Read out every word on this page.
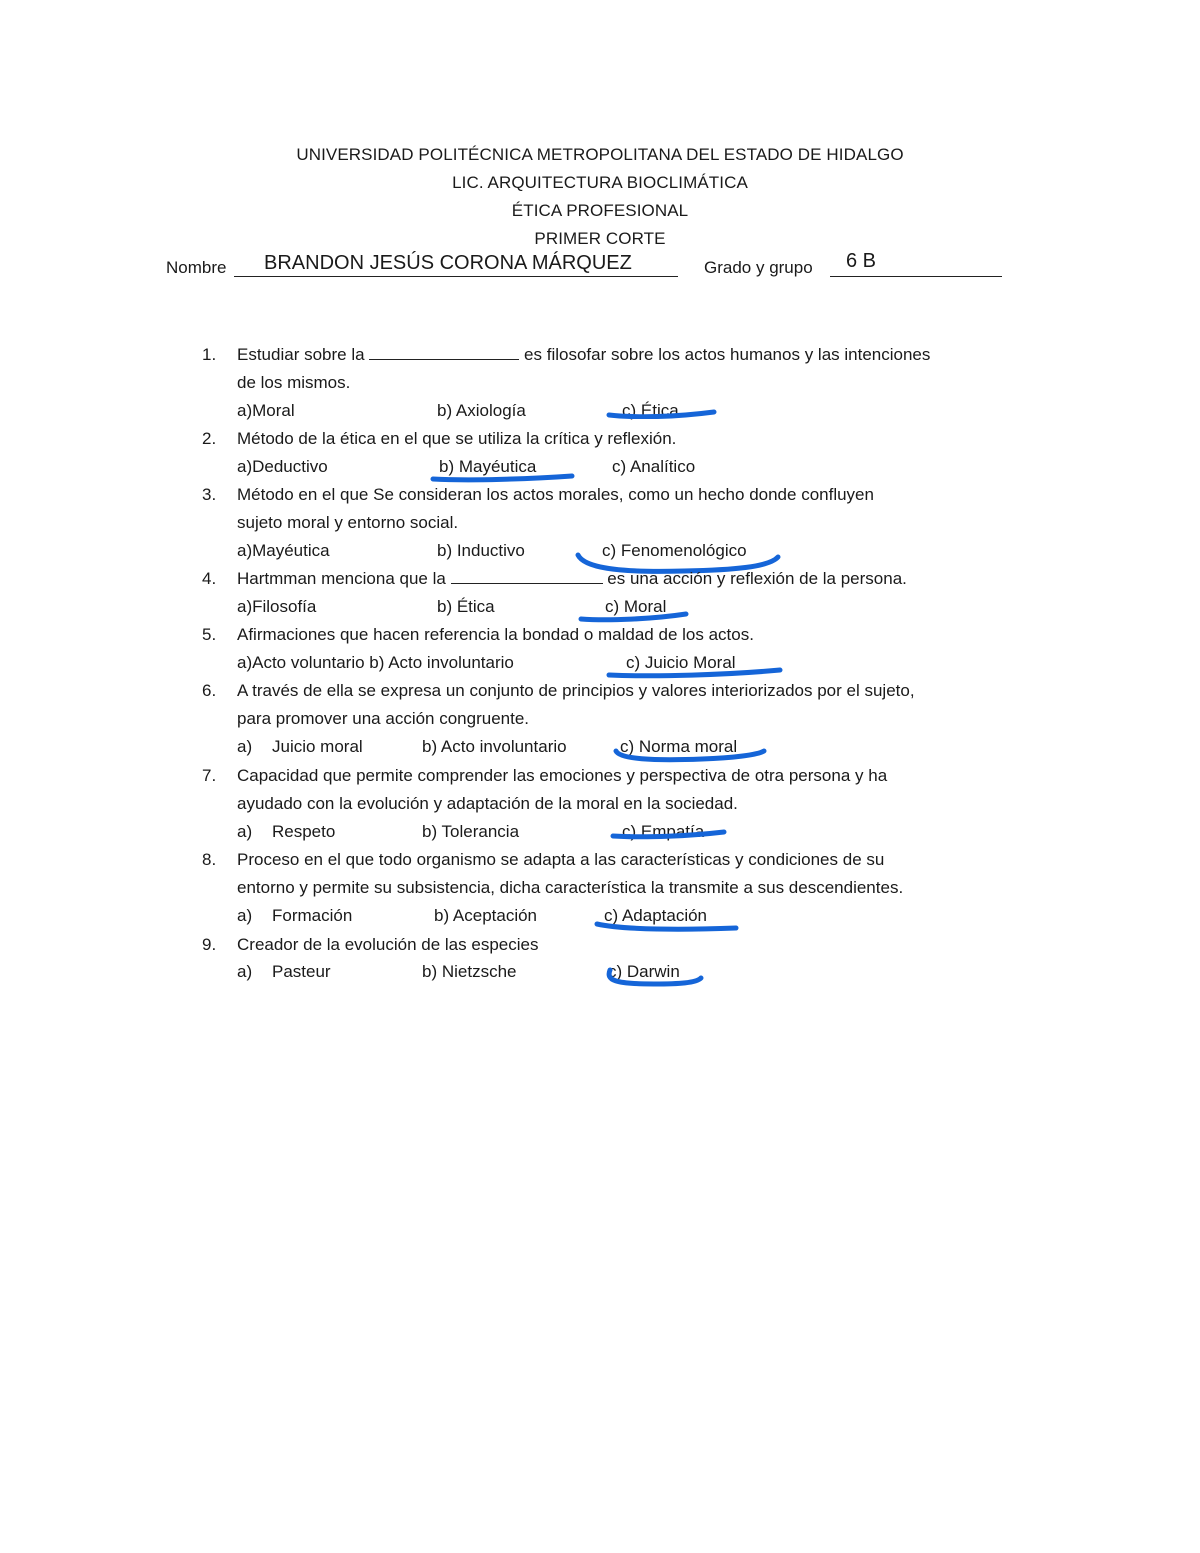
UNIVERSIDAD POLITÉCNICA METROPOLITANA DEL ESTADO DE HIDALGO
LIC. ARQUITECTURA BIOCLIMÁTICA
ÉTICA PROFESIONAL
PRIMER CORTE
Nombre BRANDON JESÚS CORONA MÁRQUEZ	Grado y grupo 6 B
1. Estudiar sobre la	es filosofar sobre los actos humanos y las intenciones
de los mismos.
a)Moral	b) Axiología	c) Ética
2. Método de la ética en el que se utiliza la crítica y reflexión.
a)Deductivo	b) Mayéutica	c) Analítico
3. Método en el que Se consideran los actos morales, como un hecho donde confluyen
sujeto moral y entorno social.
a)Mayéutica	b) Inductivo	c) Fenomenológico
4. Hartmman menciona que la	es una acción y reflexión de la persona.
a)Filosofía	b) Ética	c) Moral
5. Afirmaciones que hacen referencia la bondad o maldad de los actos.
a)Acto voluntario b) Acto involuntario	c) Juicio Moral
6. A través de ella se expresa un conjunto de principios y valores interiorizados por el sujeto,
para promover una acción congruente.
a) Juicio moral	b) Acto involuntario	c) Norma moral
7. Capacidad que permite comprender las emociones y perspectiva de otra persona y ha
ayudado con la evolución y adaptación de la moral en la sociedad.
a) Respeto	b) Tolerancia	c) Empatía
8. Proceso en el que todo organismo se adapta a las características y condiciones de su
entorno y permite su subsistencia, dicha característica la transmite a sus descendientes.
a) Formación	b) Aceptación	c) Adaptación
9. Creador de la evolución de las especies
a) Pasteur	b) Nietzsche	c) Darwin
